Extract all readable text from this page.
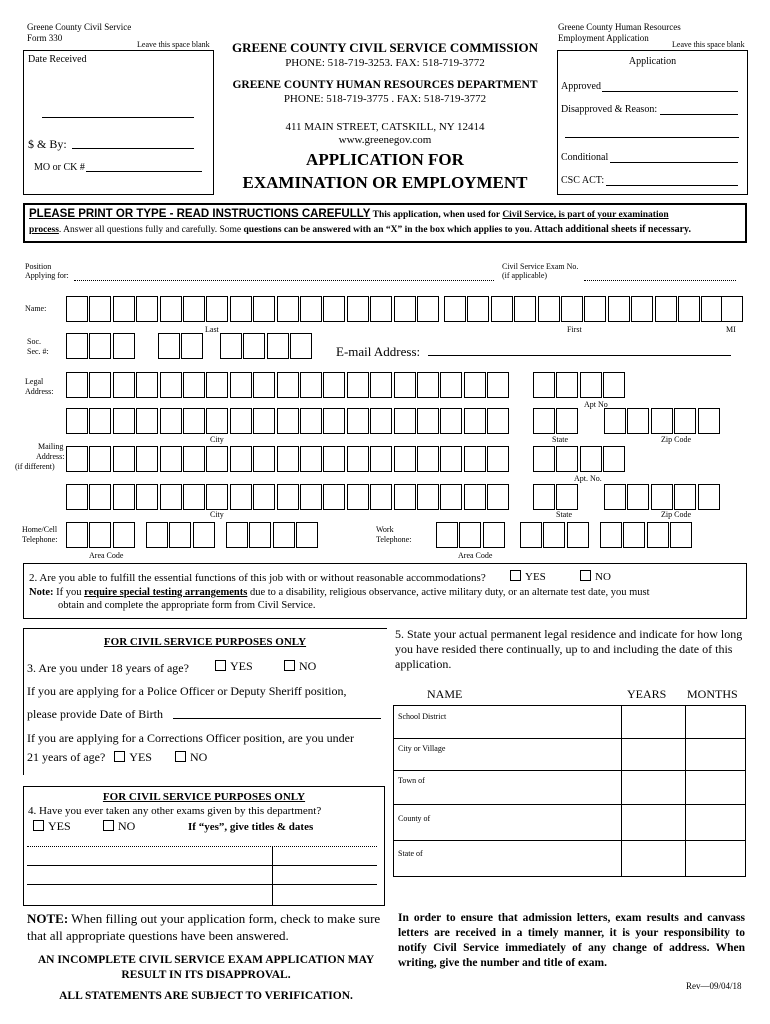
Greene County Civil Service
Form 330
Leave this space blank
Greene County Human Resources
Employment Application
Leave this space blank
GREENE COUNTY CIVIL SERVICE COMMISSION
PHONE: 518-719-3253. FAX: 518-719-3772
GREENE COUNTY HUMAN RESOURCES DEPARTMENT
PHONE: 518-719-3775 . FAX: 518-719-3772
411 MAIN STREET, CATSKILL, NY 12414
www.greenegov.com
APPLICATION FOR
EXAMINATION OR EMPLOYMENT
Date Received
$ & By:
MO or CK #
Application
Approved
Disapproved & Reason:
Conditional
CSC ACT:
PLEASE PRINT OR TYPE - READ INSTRUCTIONS CAREFULLY This application, when used for Civil Service, is part of your examination
process. Answer all questions fully and carefully. Some questions can be answered with an “X” in the box which applies to you. Attach additional sheets if necessary.
Position
Applying for:
Civil Service Exam No.
(if applicable)
Name:
Last	First	MI
Soc.
Sec. #:	E-mail Address:
Legal
Address:
Apt No
City	State	Zip Code
Mailing
Address:
(if different)
Apt. No.
City	State	Zip Code
Home/Cell
Telephone:
Work
Telephone:
Area Code	Area Code
2. Are you able to fulfill the essential functions of this job with or without reasonable accommodations?	YES	NO
Note: If you require special testing arrangements due to a disability, religious observance, active military duty, or an alternate test date, you must
obtain and complete the appropriate form from Civil Service.
FOR CIVIL SERVICE PURPOSES ONLY
3. Are you under 18 years of age?	YES	NO
If you are applying for a Police Officer or Deputy Sheriff position,
please provide Date of Birth
If you are applying for a Corrections Officer position, are you under
21 years of age? YES	NO
FOR CIVIL SERVICE PURPOSES ONLY
4. Have you ever taken any other exams given by this department?
YES	NO	If “yes”, give titles & dates
5. State your actual permanent legal residence and indicate for how long you have resided there continually, up to and including the date of this application.
NAME	YEARS MONTHS
School District
City or Village
Town of
County of
State of
NOTE: When filling out your application form, check to make sure that all appropriate questions have been answered.
AN INCOMPLETE CIVIL SERVICE EXAM APPLICATION MAY RESULT IN ITS DISAPPROVAL.
ALL STATEMENTS ARE SUBJECT TO VERIFICATION.
In order to ensure that admission letters, exam results and canvass letters are received in a timely manner, it is your responsibility to notify Civil Service immediately of any change of address. When writing, give the number and title of exam.
Rev—09/04/18
